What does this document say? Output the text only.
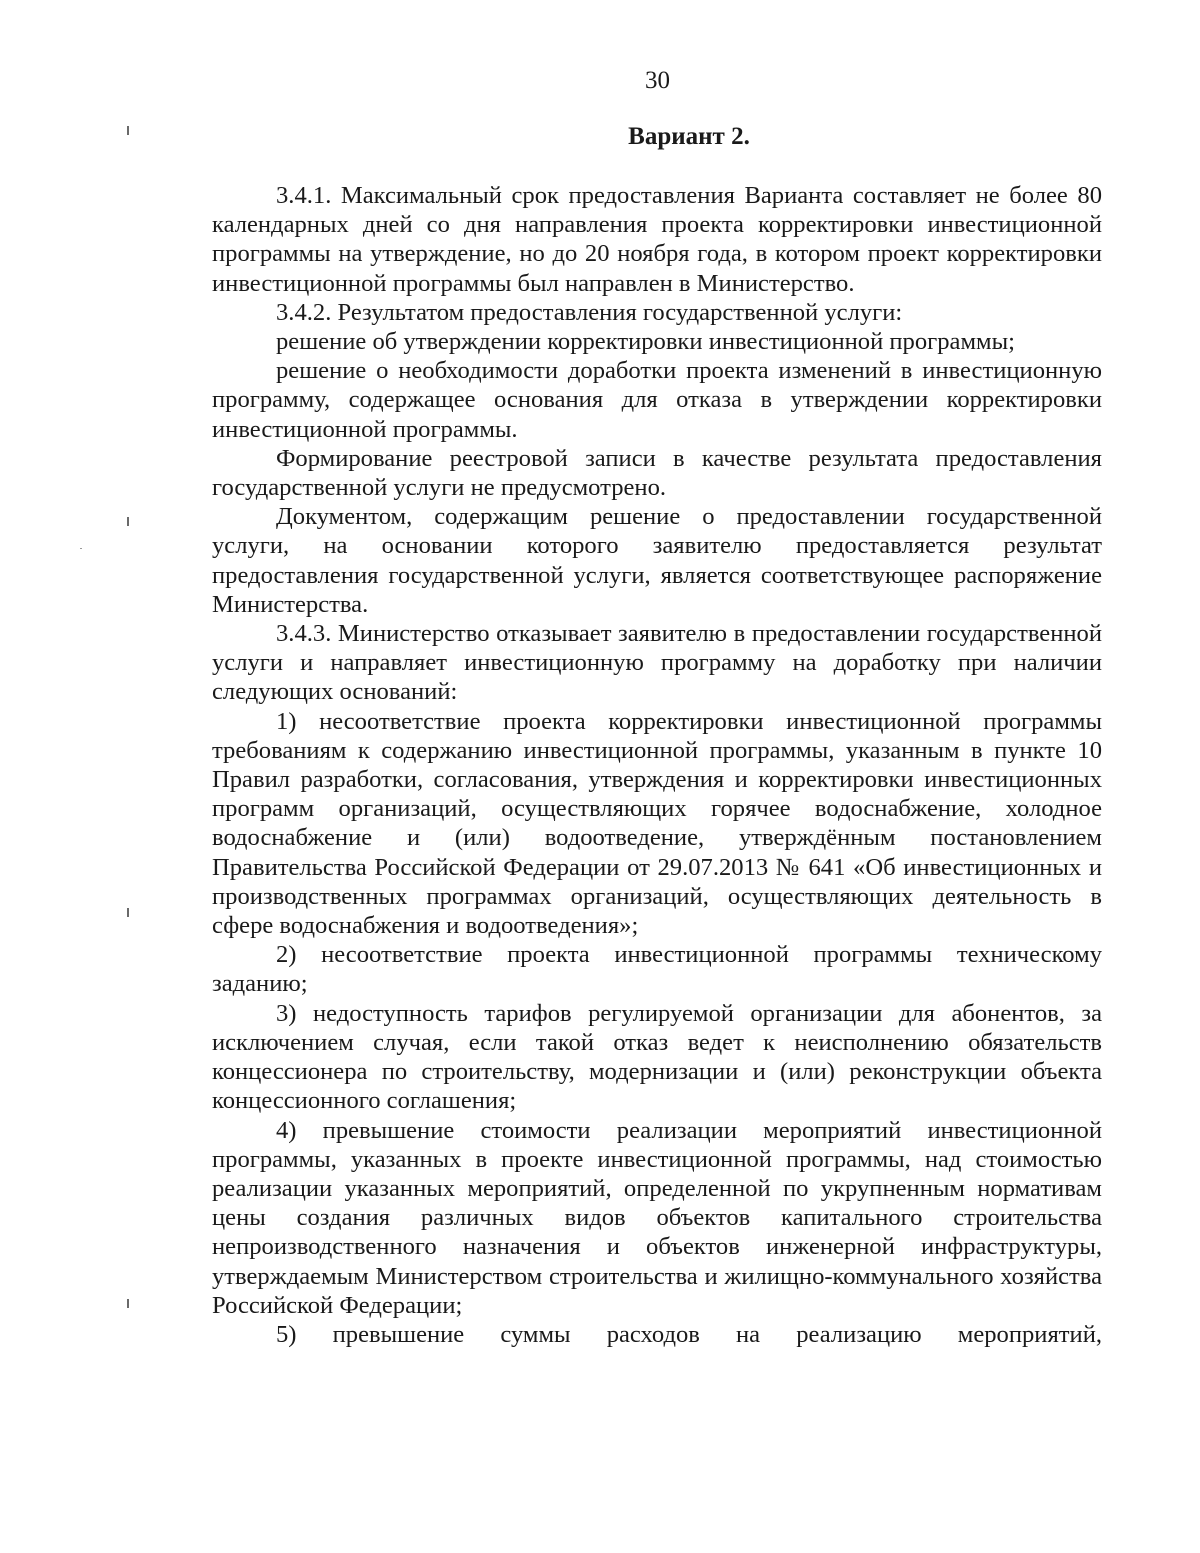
30
Вариант 2.

3.4.1. Максимальный срок предоставления Варианта составляет не более 80 календарных дней со дня направления проекта корректировки инвестиционной программы на утверждение, но до 20 ноября года, в котором проект корректировки инвестиционной программы был направлен в Министерство.

3.4.2. Результатом предоставления государственной услуги:

решение об утверждении корректировки инвестиционной программы;

решение о необходимости доработки проекта изменений в инвестиционную программу, содержащее основания для отказа в утверждении корректировки инвестиционной программы.

Формирование реестровой записи в качестве результата предоставления государственной услуги не предусмотрено.

Документом, содержащим решение о предоставлении государственной услуги, на основании которого заявителю предоставляется результат предоставления государственной услуги, является соответствующее распоряжение Министерства.

3.4.3. Министерство отказывает заявителю в предоставлении государственной услуги и направляет инвестиционную программу на доработку при наличии следующих оснований:

1) несоответствие проекта корректировки инвестиционной программы требованиям к содержанию инвестиционной программы, указанным в пункте 10 Правил разработки, согласования, утверждения и корректировки инвестиционных программ организаций, осуществляющих горячее водоснабжение, холодное водоснабжение и (или) водоотведение, утверждённым постановлением Правительства Российской Федерации от 29.07.2013 № 641 «Об инвестиционных и производственных программах организаций, осуществляющих деятельность в сфере водоснабжения и водоотведения»;

2) несоответствие проекта инвестиционной программы техническому заданию;

3) недоступность тарифов регулируемой организации для абонентов, за исключением случая, если такой отказ ведет к неисполнению обязательств концессионера по строительству, модернизации и (или) реконструкции объекта концессионного соглашения;

4) превышение стоимости реализации мероприятий инвестиционной программы, указанных в проекте инвестиционной программы, над стоимостью реализации указанных мероприятий, определенной по укрупненным нормативам цены создания различных видов объектов капитального строительства непроизводственного назначения и объектов инженерной инфраструктуры, утверждаемым Министерством строительства и жилищно-коммунального хозяйства Российской Федерации;

5) превышение суммы расходов на реализацию мероприятий,
